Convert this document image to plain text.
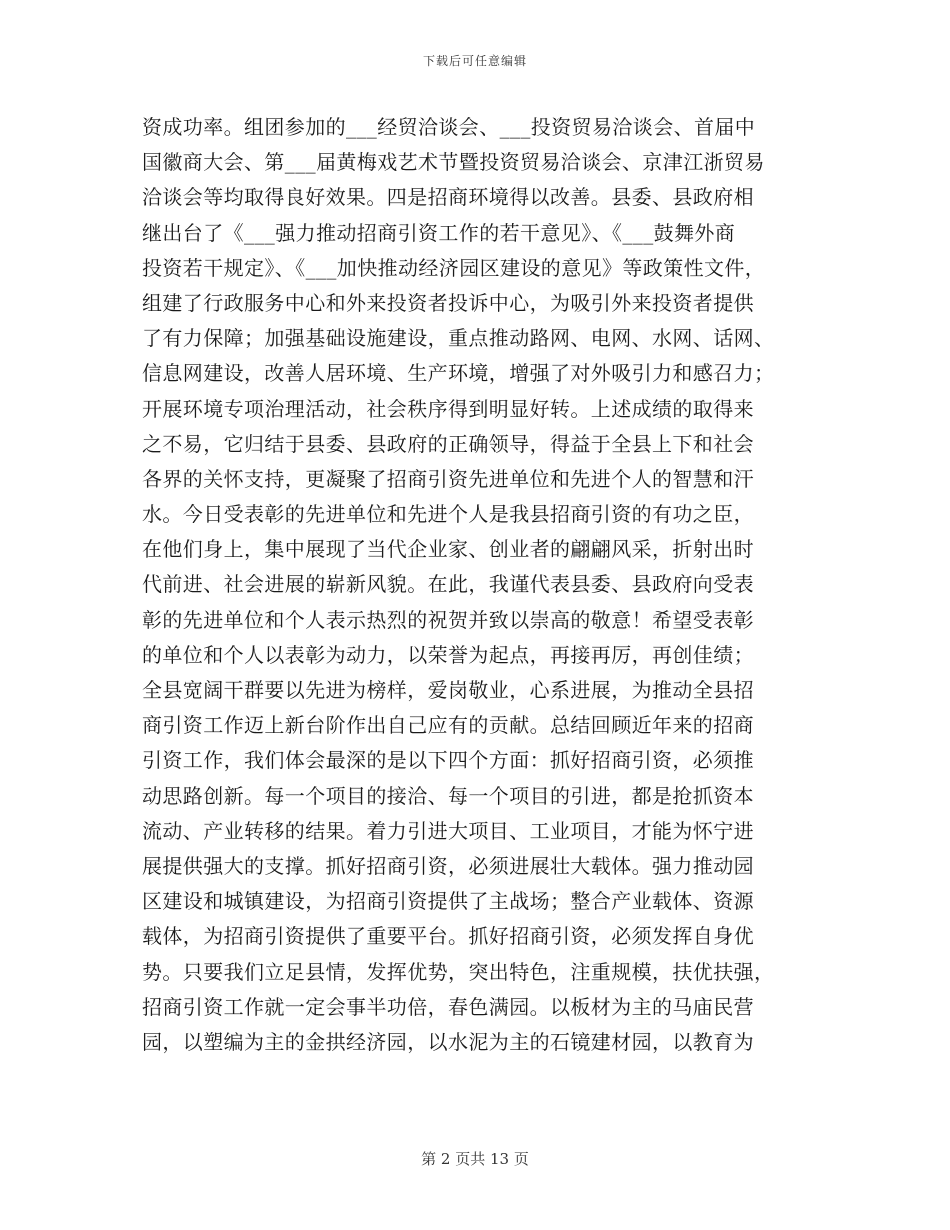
下载后可任意编辑
资成功率。组团参加的___经贸洽谈会、___投资贸易洽谈会、首届中
国徽商大会、第___届黄梅戏艺术节暨投资贸易洽谈会、京津江浙贸易
洽谈会等均取得良好效果。四是招商环境得以改善。县委、县政府相
继出台了《___强力推动招商引资工作的若干意见》、《___鼓舞外商
投资若干规定》、《___加快推动经济园区建设的意见》等政策性文件，
组建了行政服务中心和外来投资者投诉中心，为吸引外来投资者提供
了有力保障；加强基础设施建设，重点推动路网、电网、水网、话网、
信息网建设，改善人居环境、生产环境，增强了对外吸引力和感召力；
开展环境专项治理活动，社会秩序得到明显好转。上述成绩的取得来
之不易，它归结于县委、县政府的正确领导，得益于全县上下和社会
各界的关怀支持，更凝聚了招商引资先进单位和先进个人的智慧和汗
水。今日受表彰的先进单位和先进个人是我县招商引资的有功之臣，
在他们身上，集中展现了当代企业家、创业者的翩翩风采，折射出时
代前进、社会进展的崭新风貌。在此，我谨代表县委、县政府向受表
彰的先进单位和个人表示热烈的祝贺并致以崇高的敬意！希望受表彰
的单位和个人以表彰为动力，以荣誉为起点，再接再厉，再创佳绩；
全县宽阔干群要以先进为榜样，爱岗敬业，心系进展，为推动全县招
商引资工作迈上新台阶作出自己应有的贡献。总结回顾近年来的招商
引资工作，我们体会最深的是以下四个方面：抓好招商引资，必须推
动思路创新。每一个项目的接洽、每一个项目的引进，都是抢抓资本
流动、产业转移的结果。着力引进大项目、工业项目，才能为怀宁进
展提供强大的支撑。抓好招商引资，必须进展壮大载体。强力推动园
区建设和城镇建设，为招商引资提供了主战场；整合产业载体、资源
载体，为招商引资提供了重要平台。抓好招商引资，必须发挥自身优
势。只要我们立足县情，发挥优势，突出特色，注重规模，扶优扶强，
招商引资工作就一定会事半功倍，春色满园。以板材为主的马庙民营
园，以塑编为主的金拱经济园，以水泥为主的石镜建材园，以教育为
第 2 页共 13 页
